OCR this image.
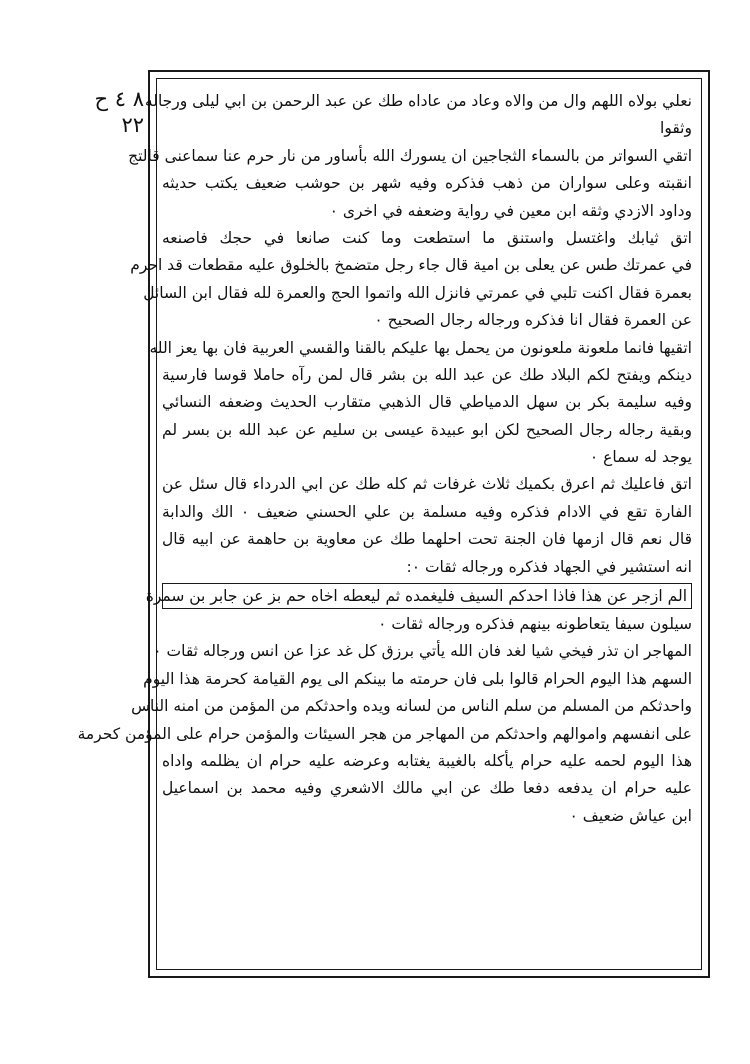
٨ ٤ ح
٢٢
نعلي بولاه اللهم وال من والاه وعاد من عاداه طك عن عبد الرحمن بن ابي ليلى ورجاله
وثقوا
اتقي السواتر من بالسماء الثجاجين ان يسورك الله بأساور من نار حرم عنا سماعنى قالتج
انقبته وعلى سواران من ذهب فذكره وفيه شهر بن حوشب ضعيف يكتب حديثه
وداود الازدي وثقه ابن معين في رواية وضعفه في اخرى ٠
اتق ثيابك واغتسل واستنق ما استطعت وما كنت صانعا في حجك فاصنعه
في عمرتك طس عن يعلى بن امية قال جاء رجل متضمخ بالخلوق عليه مقطعات قد احرم
بعمرة فقال اكنت تلبي في عمرتي فانزل الله واتموا الحج والعمرة لله فقال ابن السائل
عن العمرة فقال انا فذكره ورجاله رجال الصحيح ٠
اتقيها فانما ملعونة ملعونون من يحمل بها عليكم بالقنا والقسي العربية فان بها يعز الله
دينكم ويفتح لكم البلاد طك عن عبد الله بن بشر قال لمن رآه حاملا قوسا فارسية
وفيه سليمة بكر بن سهل الدمياطي قال الذهبي متقارب الحديث وضعفه النسائي
وبقية رجاله رجال الصحيح لكن ابو عبيدة عيسى بن سليم عن عبد الله بن بسر لم
يوجد له سماع ٠
اتق فاعليك ثم اعرق بكميك ثلاث غرفات ثم كله طك عن ابي الدرداء قال سئل عن
الفارة تقع في الادام فذكره وفيه مسلمة بن علي الحسني ضعيف ٠ الك والدابة
قال نعم قال ازمها فان الجنة تحت احلهما طك عن معاوية بن حاهمة عن ابيه قال
انه استشير في الجهاد فذكره ورجاله ثقات ٠:
الم ازجر عن هذا فاذا احدكم السيف فليغمده ثم ليعطه اخاه حم بز عن جابر بن سمرة
سيلون سيفا يتعاطونه بينهم فذكره ورجاله ثقات ٠
المهاجر ان تذر فيخي شيا لغد فان الله يأتي برزق كل غد عزا عن انس ورجاله ثقات ٠
السهم هذا اليوم الحرام قالوا بلى فان حرمته ما بينكم الى يوم القيامة كحرمة هذا اليوم
واحدثكم من المسلم من سلم الناس من لسانه ويده واحدثكم من المؤمن من امنه الناس
على انفسهم واموالهم واحدثكم من المهاجر من هجر السيئات والمؤمن حرام على المؤمن كحرمة
هذا اليوم لحمه عليه حرام يأكله بالغيبة يغتابه وعرضه عليه حرام ان يظلمه واداه
عليه حرام ان يدفعه دفعا طك عن ابي مالك الاشعري وفيه محمد بن اسماعيل
ابن عياش ضعيف ٠
